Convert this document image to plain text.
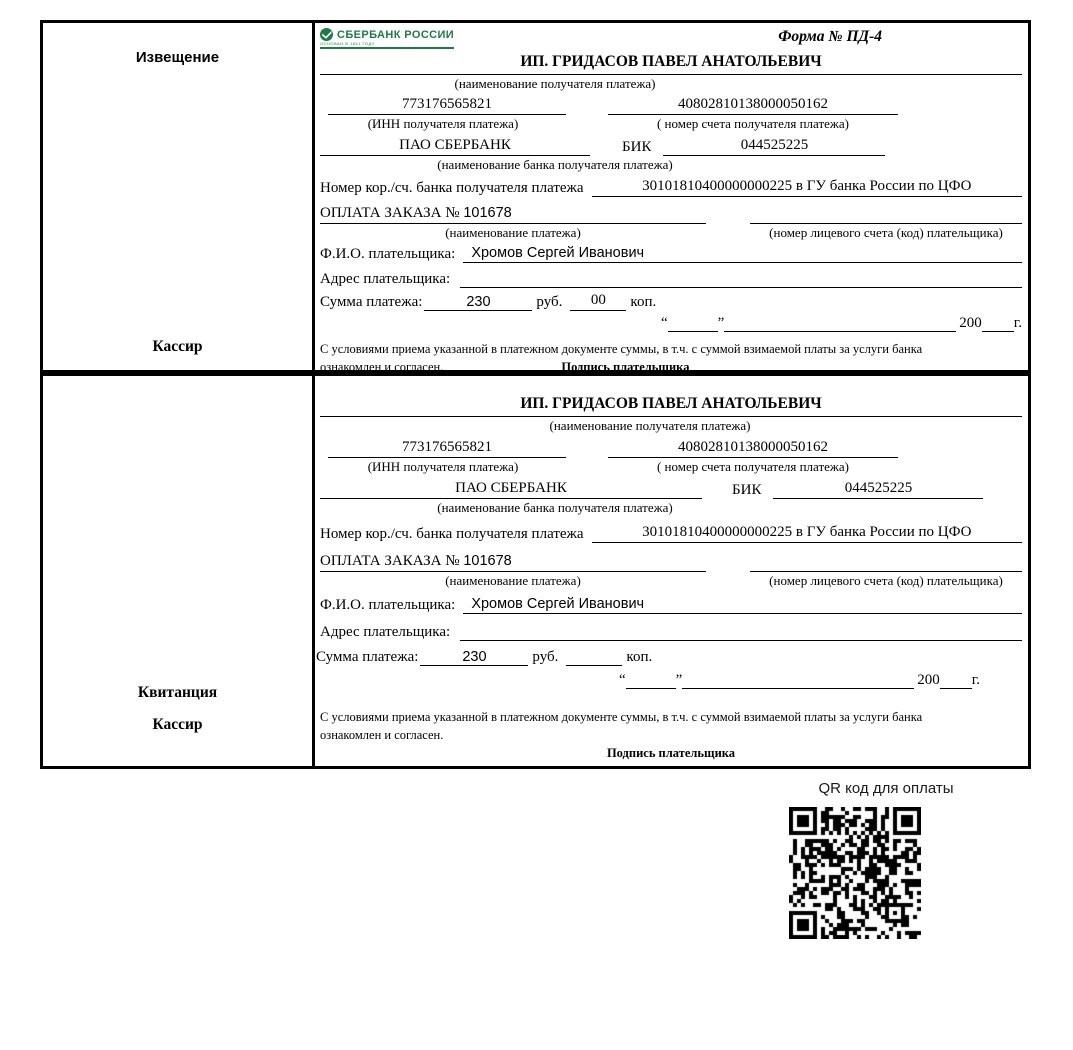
Извещение
Кассир
СБЕРБАНК РОССИИ
ОСНОВАН В 1841 ГОДУ	Форма № ПД-4
ИП. ГРИДАСОВ ПАВЕЛ АНАТОЛЬЕВИЧ
(наименование получателя платежа)
773176565821	40802810138000050162
(ИНН получателя платежа)	( номер счета получателя платежа)
ПАО СБЕРБАНК	БИК	044525225
(наименование банка получателя платежа)
Номер кор./сч. банка получателя платежа	30101810400000000225 в ГУ банка России по ЦФО
ОПЛАТА ЗАКАЗА № 101678
(наименование платежа)	(номер лицевого счета (код) плательщика)
Ф.И.О. плательщика:	Хромов Сергей Иванович
Адрес плательщика:
Сумма платежа:	230	руб.	00	коп.
“	”	200 г.
С условиями приема указанной в платежном документе суммы, в т.ч. с суммой взимаемой платы за услуги банка
ознакомлен и согласен.	Подпись плательщика
Квитанция
Кассир
ИП. ГРИДАСОВ ПАВЕЛ АНАТОЛЬЕВИЧ
(наименование получателя платежа)
773176565821	40802810138000050162
(ИНН получателя платежа)	( номер счета получателя платежа)
ПАО СБЕРБАНК	БИК	044525225
(наименование банка получателя платежа)
Номер кор./сч. банка получателя платежа	30101810400000000225 в ГУ банка России по ЦФО
ОПЛАТА ЗАКАЗА № 101678
(наименование платежа)	(номер лицевого счета (код) плательщика)
Ф.И.О. плательщика:	Хромов Сергей Иванович
Адрес плательщика:
Сумма платежа:	230	руб.	коп.
“	”	200 г.
С условиями приема указанной в платежном документе суммы, в т.ч. с суммой взимаемой платы за услуги банка
ознакомлен и согласен.
Подпись плательщика
QR код для оплаты
